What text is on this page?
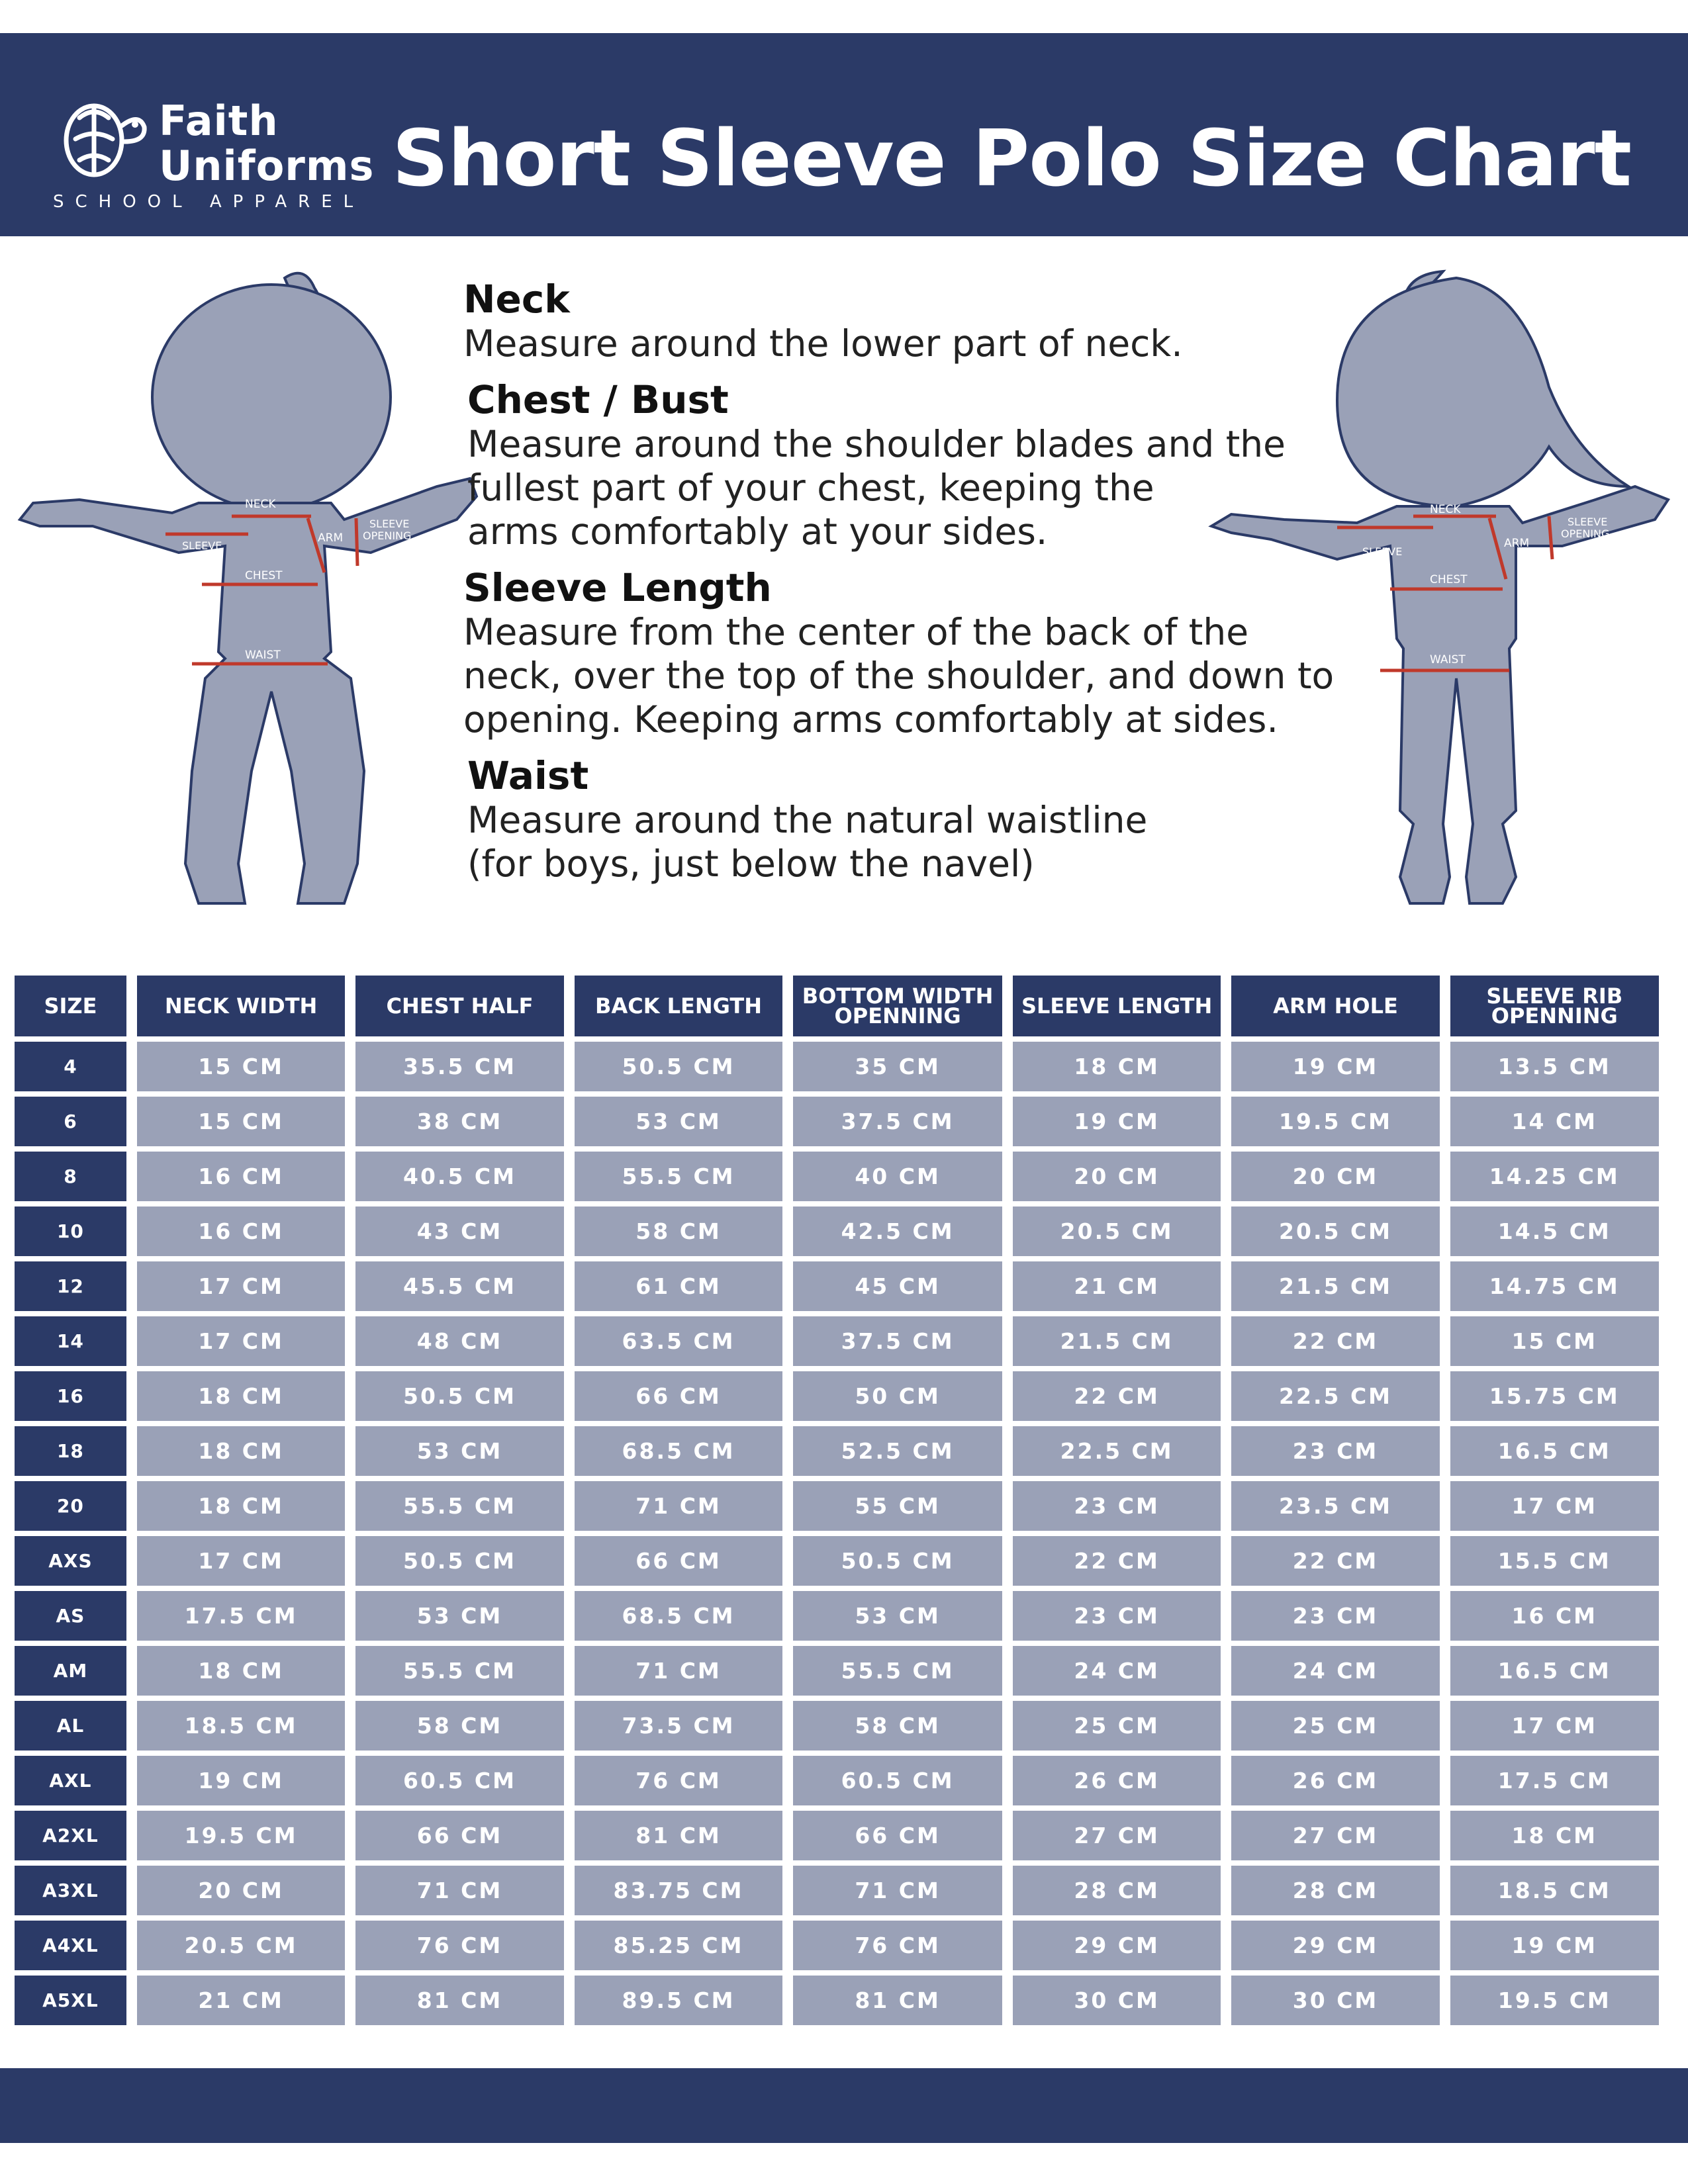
Faith
Uniforms
SCHOOL APPAREL Short Sleeve Polo Size Chart
NECK
ARM
SLEEVE
OPENING
SLEEVE
CHEST
WAIST
NECK
ARM
SLEEVE
OPENING
SLEEVE
CHEST
WAIST
Neck
Measure around the lower part of neck.
Chest / Bust
Measure around the shoulder blades and the
fullest part of your chest, keeping the
arms comfortably at your sides.
Sleeve Length
Measure from the center of the back of the
neck, over the top of the shoulder, and down to
opening. Keeping arms comfortably at sides.
Waist
Measure around the natural waistline
(for boys, just below the navel)
SIZE	NECK WIDTH	CHEST HALF	BACK LENGTH	BOTTOM WIDTH OPENNING	SLEEVE LENGTH	ARM HOLE	SLEEVE RIB OPENNING
4	15 CM	35.5 CM	50.5 CM	35 CM	18 CM	19 CM	13.5 CM
6	15 CM	38 CM	53 CM	37.5 CM	19 CM	19.5 CM	14 CM
8	16 CM	40.5 CM	55.5 CM	40 CM	20 CM	20 CM	14.25 CM
10	16 CM	43 CM	58 CM	42.5 CM	20.5 CM	20.5 CM	14.5 CM
12	17 CM	45.5 CM	61 CM	45 CM	21 CM	21.5 CM	14.75 CM
14	17 CM	48 CM	63.5 CM	37.5 CM	21.5 CM	22 CM	15 CM
16	18 CM	50.5 CM	66 CM	50 CM	22 CM	22.5 CM	15.75 CM
18	18 CM	53 CM	68.5 CM	52.5 CM	22.5 CM	23 CM	16.5 CM
20	18 CM	55.5 CM	71 CM	55 CM	23 CM	23.5 CM	17 CM
AXS	17 CM	50.5 CM	66 CM	50.5 CM	22 CM	22 CM	15.5 CM
AS	17.5 CM	53 CM	68.5 CM	53 CM	23 CM	23 CM	16 CM
AM	18 CM	55.5 CM	71 CM	55.5 CM	24 CM	24 CM	16.5 CM
AL	18.5 CM	58 CM	73.5 CM	58 CM	25 CM	25 CM	17 CM
AXL	19 CM	60.5 CM	76 CM	60.5 CM	26 CM	26 CM	17.5 CM
A2XL	19.5 CM	66 CM	81 CM	66 CM	27 CM	27 CM	18 CM
A3XL	20 CM	71 CM	83.75 CM	71 CM	28 CM	28 CM	18.5 CM
A4XL	20.5 CM	76 CM	85.25 CM	76 CM	29 CM	29 CM	19 CM
A5XL	21 CM	81 CM	89.5 CM	81 CM	30 CM	30 CM	19.5 CM
